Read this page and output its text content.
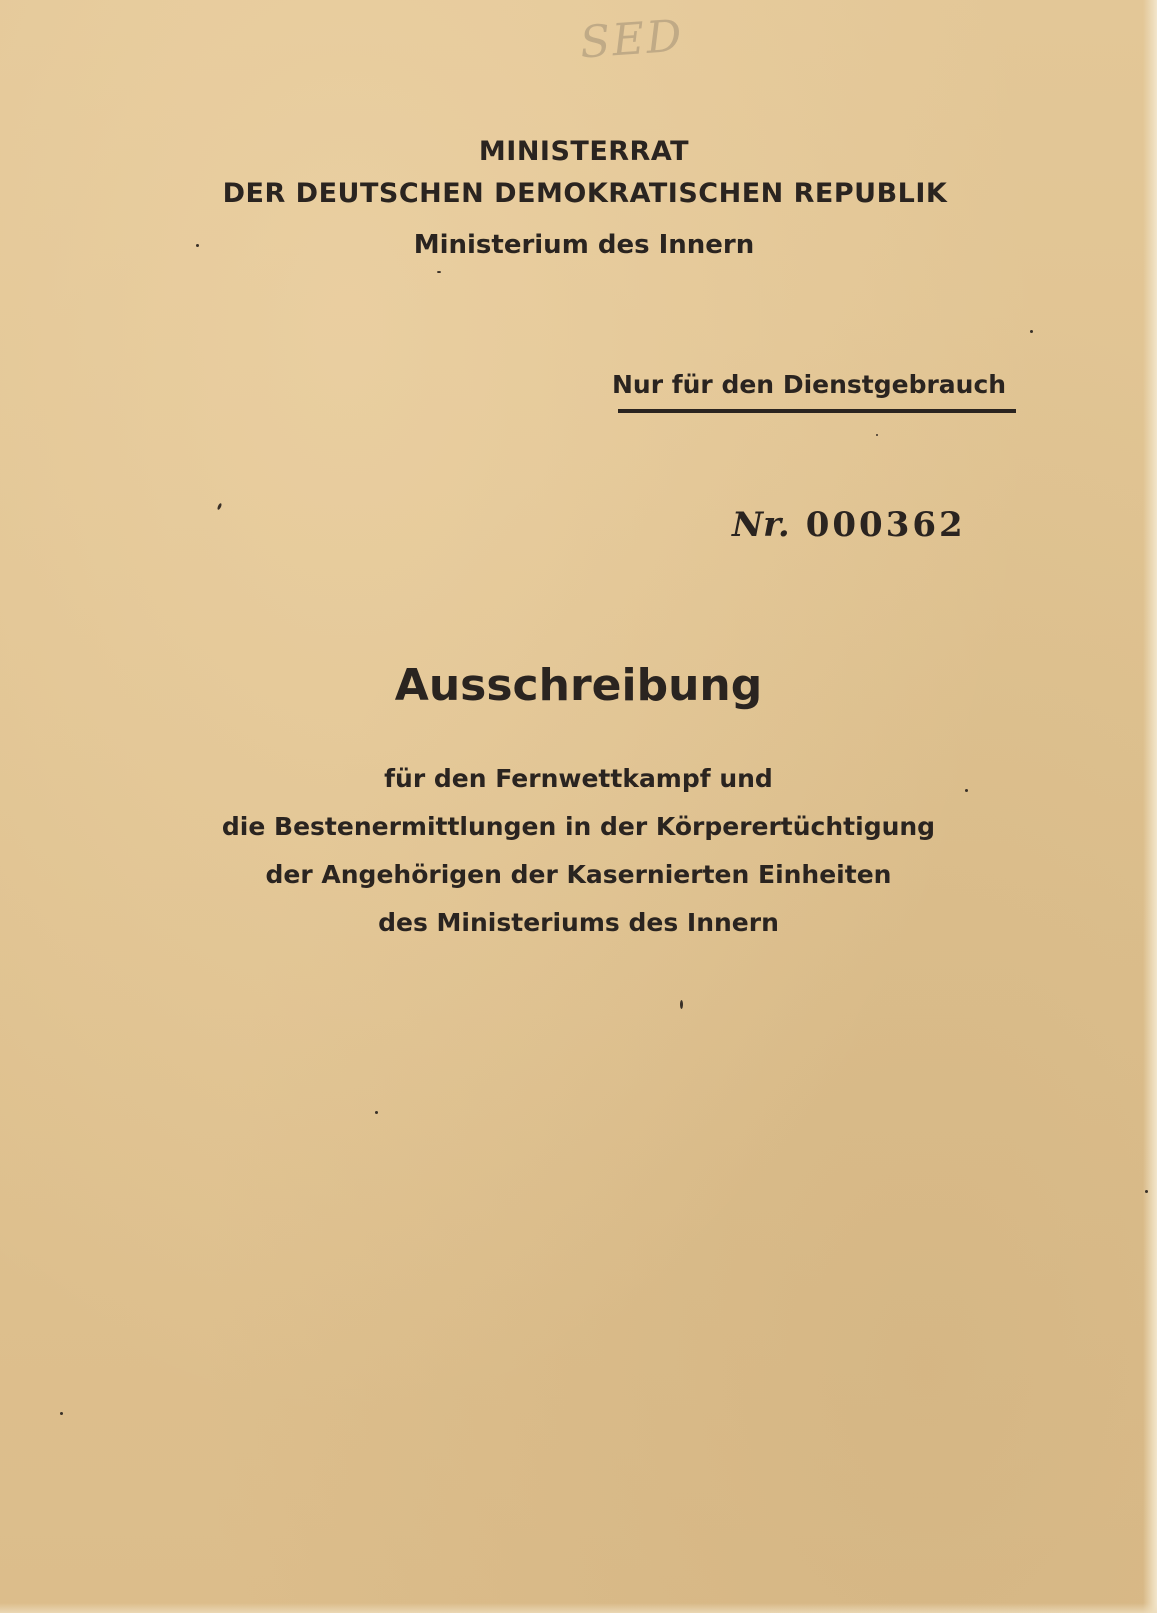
SED
MINISTERRAT
DER DEUTSCHEN DEMOKRATISCHEN REPUBLIK
Ministerium des Innern
Nur für den Dienstgebrauch
Nr. 000362
Ausschreibung
für den Fernwettkampf und
die Bestenermittlungen in der Körperertüchtigung
der Angehörigen der Kasernierten Einheiten
des Ministeriums des Innern
